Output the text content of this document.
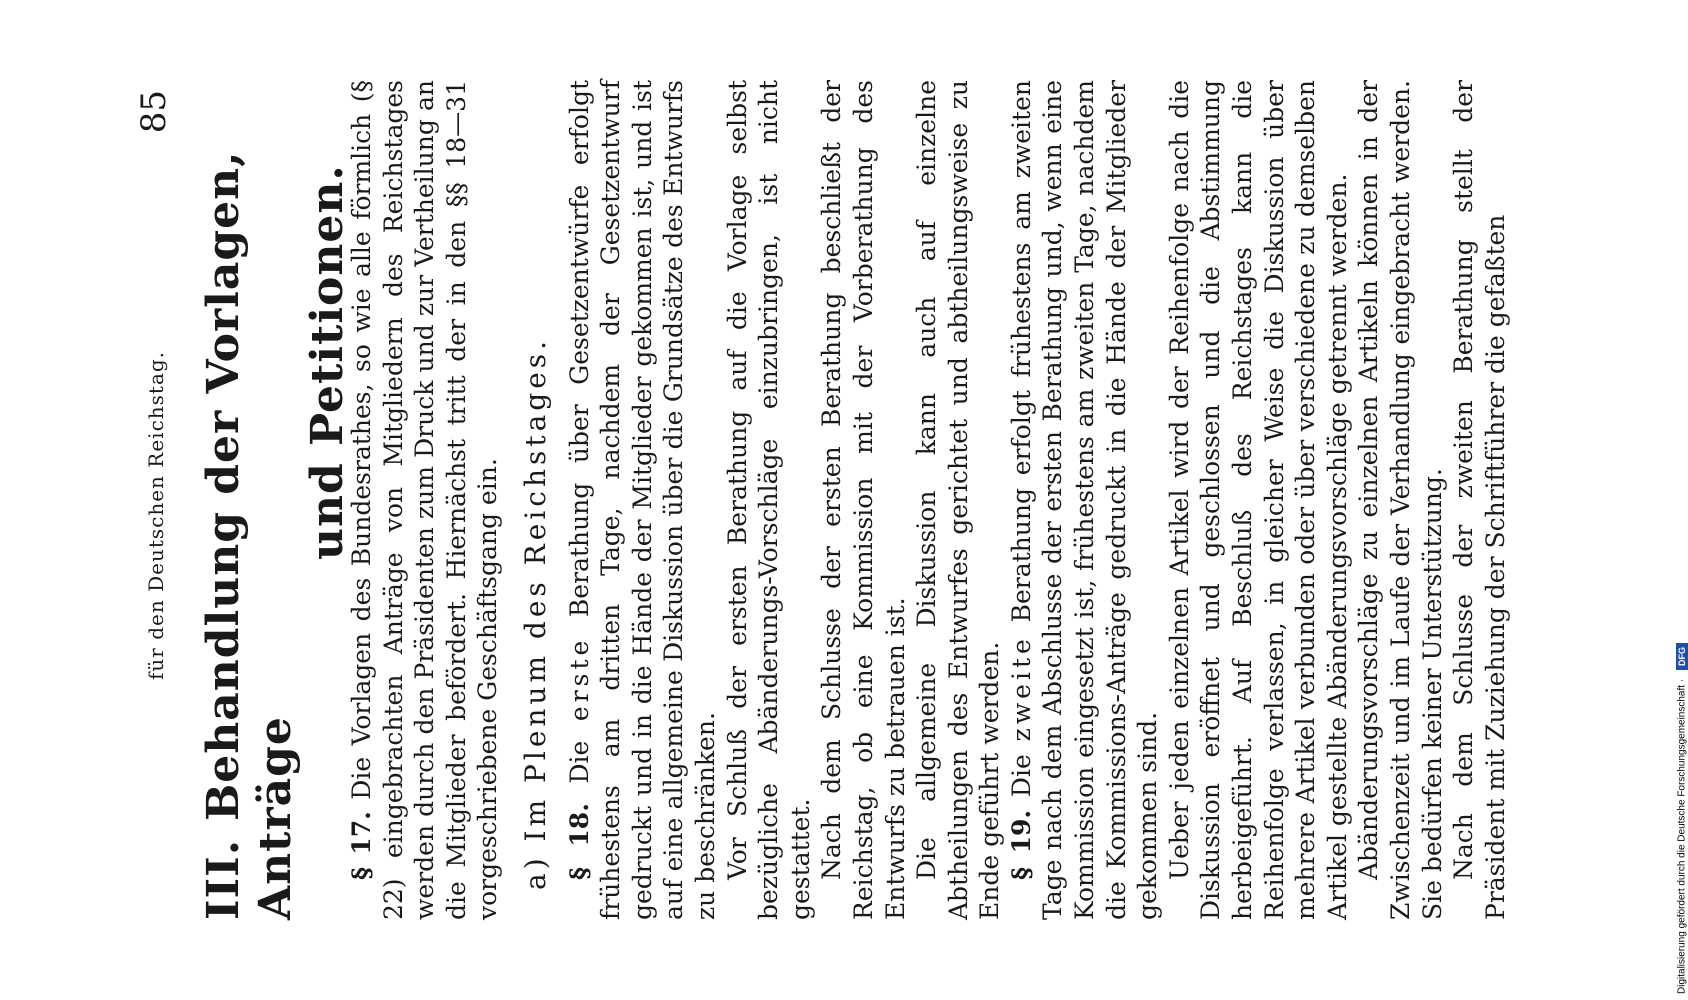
für den Deutschen Reichstag.
85
III.Behandlung der Vorlagen, Anträge
und Petitionen.

§ 17. Die Vorlagen des Bundesrathes, so wie alle förmlich (§ 22) eingebrachten Anträge von Mitgliedern des Reichstages werden durch den Präsidenten zum Druck und zur Vertheilung an die Mitglieder befördert. Hiernächst tritt der in den §§ 18—31 vorgeschriebene Geschäftsgang ein. a) Im Plenum des Reichstages. § 18. Die erste Berathung über Gesetzentwürfe erfolgt frühestens am dritten Tage, nachdem der Gesetzentwurf gedruckt und in die Hände der Mitglieder gekommen ist, und ist auf eine allgemeine Diskussion über die Grundsätze des Entwurfs zu beschränken. Vor Schluß der ersten Berathung auf die Vorlage selbst bezügliche Abänderungs-Vorschläge einzubringen, ist nicht gestattet. Nach dem Schlusse der ersten Berathung beschließt der Reichstag, ob eine Kommission mit der Vorberathung des Entwurfs zu betrauen ist. Die allgemeine Diskussion kann auch auf einzelne Abtheilungen des Entwurfes gerichtet und abtheilungsweise zu Ende geführt werden. § 19. Die zweite Berathung erfolgt frühestens am zweiten Tage nach dem Abschlusse der ersten Berathung und, wenn eine Kommission eingesetzt ist, frühestens am zweiten Tage, nachdem die Kommissions-Anträge gedruckt in die Hände der Mitglieder gekommen sind. Ueber jeden einzelnen Artikel wird der Reihenfolge nach die Diskussion eröffnet und geschlossen und die Abstimmung herbeigeführt. Auf Beschluß des Reichstages kann die Reihenfolge verlassen, in gleicher Weise die Diskussion über mehrere Artikel verbunden oder über verschiedene zu demselben Artikel gestellte Abänderungsvorschläge getrennt werden. Abänderungsvorschläge zu einzelnen Artikeln können in der Zwischenzeit und im Laufe der Verhandlung eingebracht werden. Sie bedürfen keiner Unterstützung. Nach dem Schlusse der zweiten Berathung stellt der Präsident mit Zuziehung der Schriftführer die gefaßten	Digitalisierung gefördert durch die Deutsche Forschungsgemeinschaft · DFG
